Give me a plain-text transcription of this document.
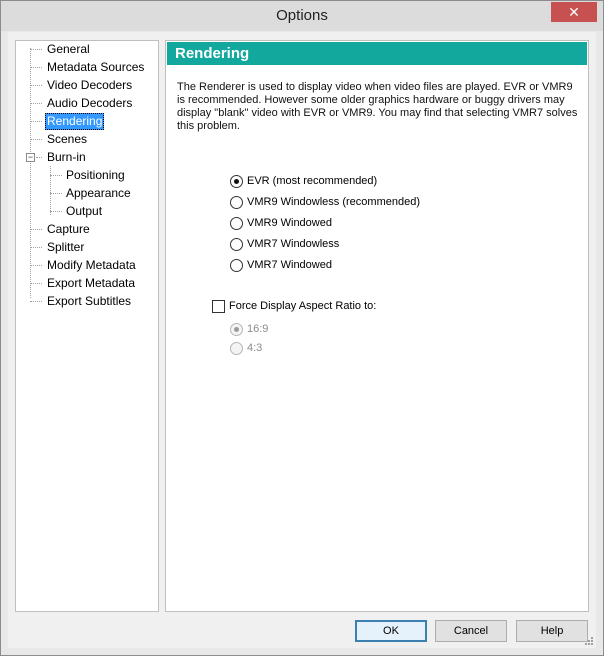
Options	✕
−
General
Metadata Sources
Video Decoders
Audio Decoders
Rendering
Scenes
Burn-in
Positioning
Appearance
Output
Capture
Splitter
Modify Metadata
Export Metadata
Export Subtitles
Rendering
The Renderer is used to display video when video files are played. EVR or VMR9 is recommended. However some older graphics hardware or buggy drivers may display "blank" video with EVR or VMR9. You may find that selecting VMR7 solves this problem.
EVR (most recommended)
VMR9 Windowless (recommended)
VMR9 Windowed
VMR7 Windowless
VMR7 Windowed
Force Display Aspect Ratio to:
16:9
4:3
OK	Cancel	Help
